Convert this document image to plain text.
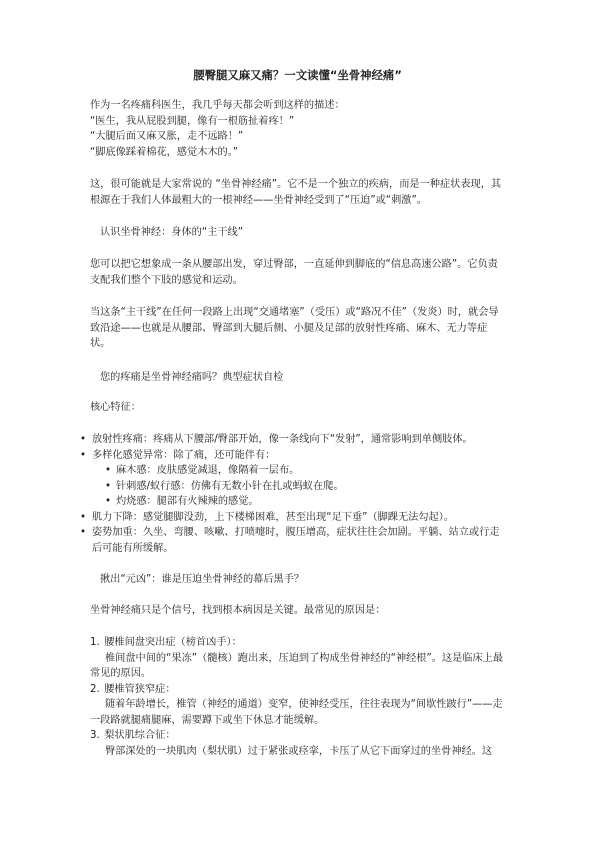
腰臀腿又麻又痛？一文读懂“坐骨神经痛”
作为一名疼痛科医生，我几乎每天都会听到这样的描述：
“医生，我从屁股到腿，像有一根筋扯着疼！”
“大腿后面又麻又胀，走不远路！”
“脚底像踩着棉花，感觉木木的。”

这，很可能就是大家常说的 “坐骨神经痛”。它不是一个独立的疾病，而是一种症状表现，其根源在于我们人体最粗大的一根神经——坐骨神经受到了“压迫”或“刺激”。

认识坐骨神经：身体的“主干线”

您可以把它想象成一条从腰部出发，穿过臀部，一直延伸到脚底的“信息高速公路”。它负责支配我们整个下肢的感觉和运动。

当这条“主干线”在任何一段路上出现“交通堵塞”（受压）或“路况不佳”（发炎）时，就会导致沿途——也就是从腰部、臀部到大腿后侧、小腿及足部的放射性疼痛、麻木、无力等症状。

您的疼痛是坐骨神经痛吗？典型症状自检

核心特征：

• 放射性疼痛：疼痛从下腰部/臀部开始，像一条线向下“发射”，通常影响到单侧肢体。
• 多样化感觉异常：除了痛，还可能伴有：
• 麻木感：皮肤感觉减退，像隔着一层布。
• 针刺感/蚁行感：仿佛有无数小针在扎或蚂蚁在爬。
• 灼烧感：腿部有火辣辣的感觉。
• 肌力下降：感觉腿脚没劲，上下楼梯困难，甚至出现“足下垂”（脚踝无法勾起）。
• 姿势加重：久坐、弯腰、咳嗽、打喷嚏时，腹压增高，症状往往会加剧。平躺、站立或行走后可能有所缓解。

揪出“元凶”：谁是压迫坐骨神经的幕后黑手？

坐骨神经痛只是个信号，找到根本病因是关键。最常见的原因是：

1. 腰椎间盘突出症（榜首凶手）：
椎间盘中间的“果冻”（髓核）跑出来，压迫到了构成坐骨神经的“神经根”。这是临床上最常见的原因。
2. 腰椎管狭窄症：
随着年龄增长，椎管（神经的通道）变窄，使神经受压，往往表现为“间歇性跛行”——走一段路就腿痛腿麻，需要蹲下或坐下休息才能缓解。
3. 梨状肌综合征：
臀部深处的一块肌肉（梨状肌）过于紧张或痉挛，卡压了从它下面穿过的坐骨神经。这
